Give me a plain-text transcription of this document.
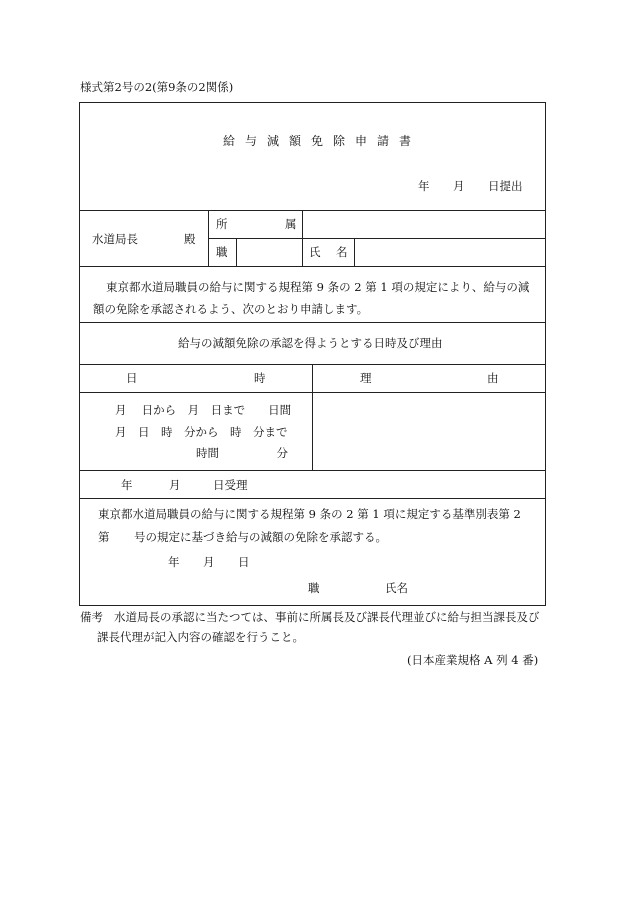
様式第2号の2(第9条の2関係)
給与減額免除申請書
年 月 日提出
水道局長	殿
所	属
職	氏 名
東京都水道局職員の給与に関する規程第 9 条の 2 第 1 項の規定により、給与の減
額の免除を承認されるよう、次のとおり申請します。
給与の減額免除の承認を得ようとする日時及び理由
日	時	理	由
月　 日から　月　日まで　　日間
月　日　時　分から　時　分まで
時間　　　　　分
年	月	日受理
東京都水道局職員の給与に関する規程第 9 条の 2 第 1 項に規定する基準別表第 2
第 号の規定に基づき給与の減額の免除を承認する。
年 月 日
職	氏名
備考 水道局長の承認に当たつては、事前に所属長及び課長代理並びに給与担当課長及び
課長代理が記入内容の確認を行うこと。
(日本産業規格 A 列 4 番)
